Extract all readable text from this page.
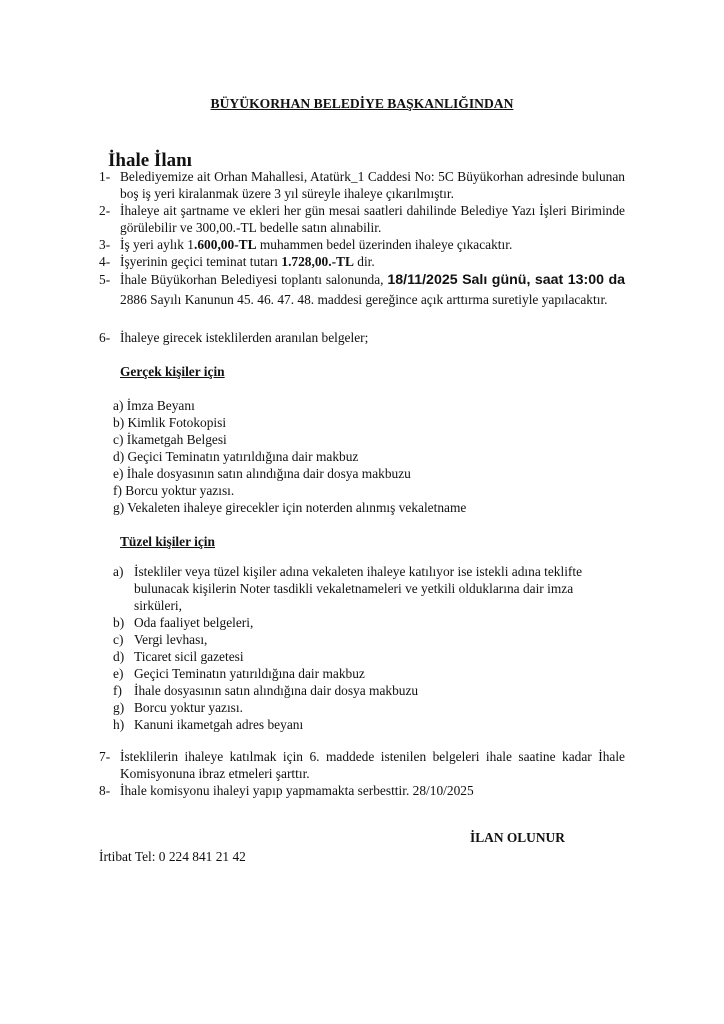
BÜYÜKORHAN BELEDİYE BAŞKANLIĞINDAN
İhale İlanı
1- Belediyemize ait Orhan Mahallesi, Atatürk_1 Caddesi No: 5C Büyükorhan adresinde bulunan boş iş yeri kiralanmak üzere 3 yıl süreyle ihaleye çıkarılmıştır.
2- İhaleye ait şartname ve ekleri her gün mesai saatleri dahilinde Belediye Yazı İşleri Biriminde görülebilir ve 300,00.-TL bedelle satın alınabilir.
3- İş yeri aylık 1.600,00-TL muhammen bedel üzerinden ihaleye çıkacaktır.
4- İşyerinin geçici teminat tutarı 1.728,00.-TL dir.
5- İhale Büyükorhan Belediyesi toplantı salonunda, 18/11/2025 Salı günü, saat 13:00 da 2886 Sayılı Kanunun 45. 46. 47. 48. maddesi gereğince açık arttırma suretiyle yapılacaktır.
6- İhaleye girecek isteklilerden aranılan belgeler;
Gerçek kişiler için
a) İmza Beyanı
b) Kimlik Fotokopisi
c) İkametgah Belgesi
d) Geçici Teminatın yatırıldığına dair makbuz
e) İhale dosyasının satın alındığına dair dosya makbuzu
f) Borcu yoktur yazısı.
g) Vekaleten ihaleye girecekler için noterden alınmış vekaletname
Tüzel kişiler için
a) İstekliler veya tüzel kişiler adına vekaleten ihaleye katılıyor ise istekli adına teklifte bulunacak kişilerin Noter tasdikli vekaletnameleri ve yetkili olduklarına dair imza sirküleri,
b) Oda faaliyet belgeleri,
c) Vergi levhası,
d) Ticaret sicil gazetesi
e) Geçici Teminatın yatırıldığına dair makbuz
f) İhale dosyasının satın alındığına dair dosya makbuzu
g) Borcu yoktur yazısı.
h) Kanuni ikametgah adres beyanı
7- İsteklilerin ihaleye katılmak için 6. maddede istenilen belgeleri ihale saatine kadar İhale Komisyonuna ibraz etmeleri şarttır.
8- İhale komisyonu ihaleyi yapıp yapmamakta serbesttir. 28/10/2025
İLAN OLUNUR
İrtibat Tel: 0 224 841 21 42
